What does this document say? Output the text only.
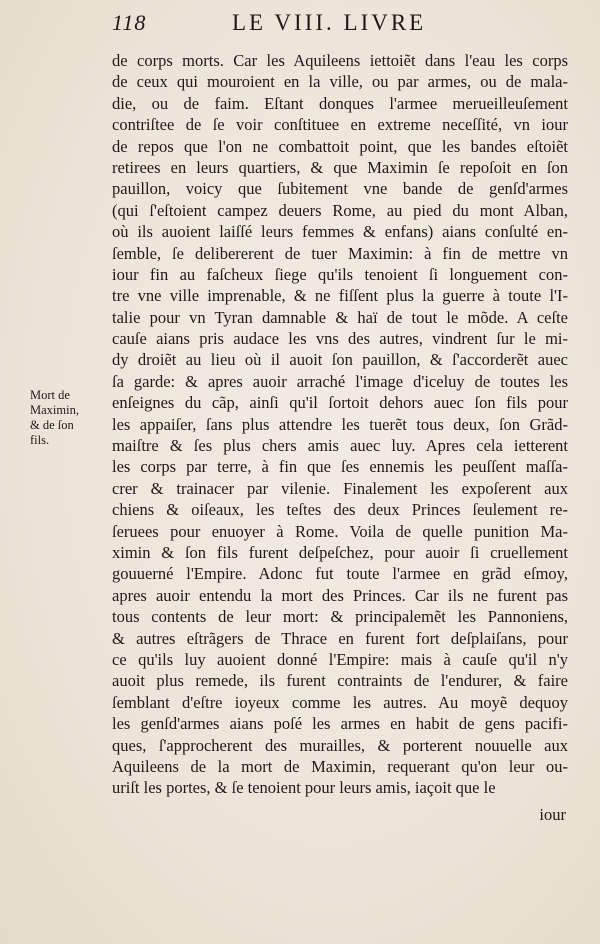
118	LE VIII. LIVRE
Mort de
Maximin,
& de ſon
fils.
de corps morts. Car les Aquileens iettoiẽt dans l'eau les corps
de ceux qui mouroient en la ville, ou par armes, ou de mala-
die, ou de faim. Eſtant donques l'armee merueilleuſement
contriſtee de ſe voir conſtituee en extreme neceſſité, vn iour
de repos que l'on ne combattoit point, que les bandes eſtoiẽt
retirees en leurs quartiers, & que Maximin ſe repoſoit en ſon
pauillon, voicy que ſubitement vne bande de genſd'armes
(qui ſ'eſtoient campez deuers Rome, au pied du mont Alban,
où ils auoient laiſſé leurs femmes & enfans) aians conſulté en-
ſemble, ſe delibererent de tuer Maximin: à fin de mettre vn
iour fin au faſcheux ſiege qu'ils tenoient ſi longuement con-
tre vne ville imprenable, & ne fiſſent plus la guerre à toute l'I-
talie pour vn Tyran damnable & haï de tout le mõde. A ceſte
cauſe aians pris audace les vns des autres, vindrent ſur le mi-
dy droiẽt au lieu où il auoit ſon pauillon, & ſ'accorderẽt auec
ſa garde: & apres auoir arraché l'image d'iceluy de toutes les
enſeignes du cãp, ainſi qu'il ſortoit dehors auec ſon fils pour
les appaiſer, ſans plus attendre les tuerẽt tous deux, ſon Grãd-
maiſtre & ſes plus chers amis auec luy. Apres cela ietterent
les corps par terre, à fin que ſes ennemis les peuſſent maſſa-
crer & trainacer par vilenie. Finalement les expoſerent aux
chiens & oiſeaux, les teſtes des deux Princes ſeulement re-
ſeruees pour enuoyer à Rome. Voila de quelle punition Ma-
ximin & ſon fils furent deſpeſchez, pour auoir ſi cruellement
gouuerné l'Empire. Adonc fut toute l'armee en grãd eſmoy,
apres auoir entendu la mort des Princes. Car ils ne furent pas
tous contents de leur mort: & principalemẽt les Pannoniens,
& autres eſtrãgers de Thrace en furent fort deſplaiſans, pour
ce qu'ils luy auoient donné l'Empire: mais à cauſe qu'il n'y
auoit plus remede, ils furent contraints de l'endurer, & faire
ſemblant d'eſtre ioyeux comme les autres. Au moyẽ dequoy
les genſd'armes aians poſé les armes en habit de gens pacifi-
ques, ſ'approcherent des murailles, & porterent nouuelle aux
Aquileens de la mort de Maximin, requerant qu'on leur ou-
uriſt les portes, & ſe tenoient pour leurs amis, iaçoit que le
iour
